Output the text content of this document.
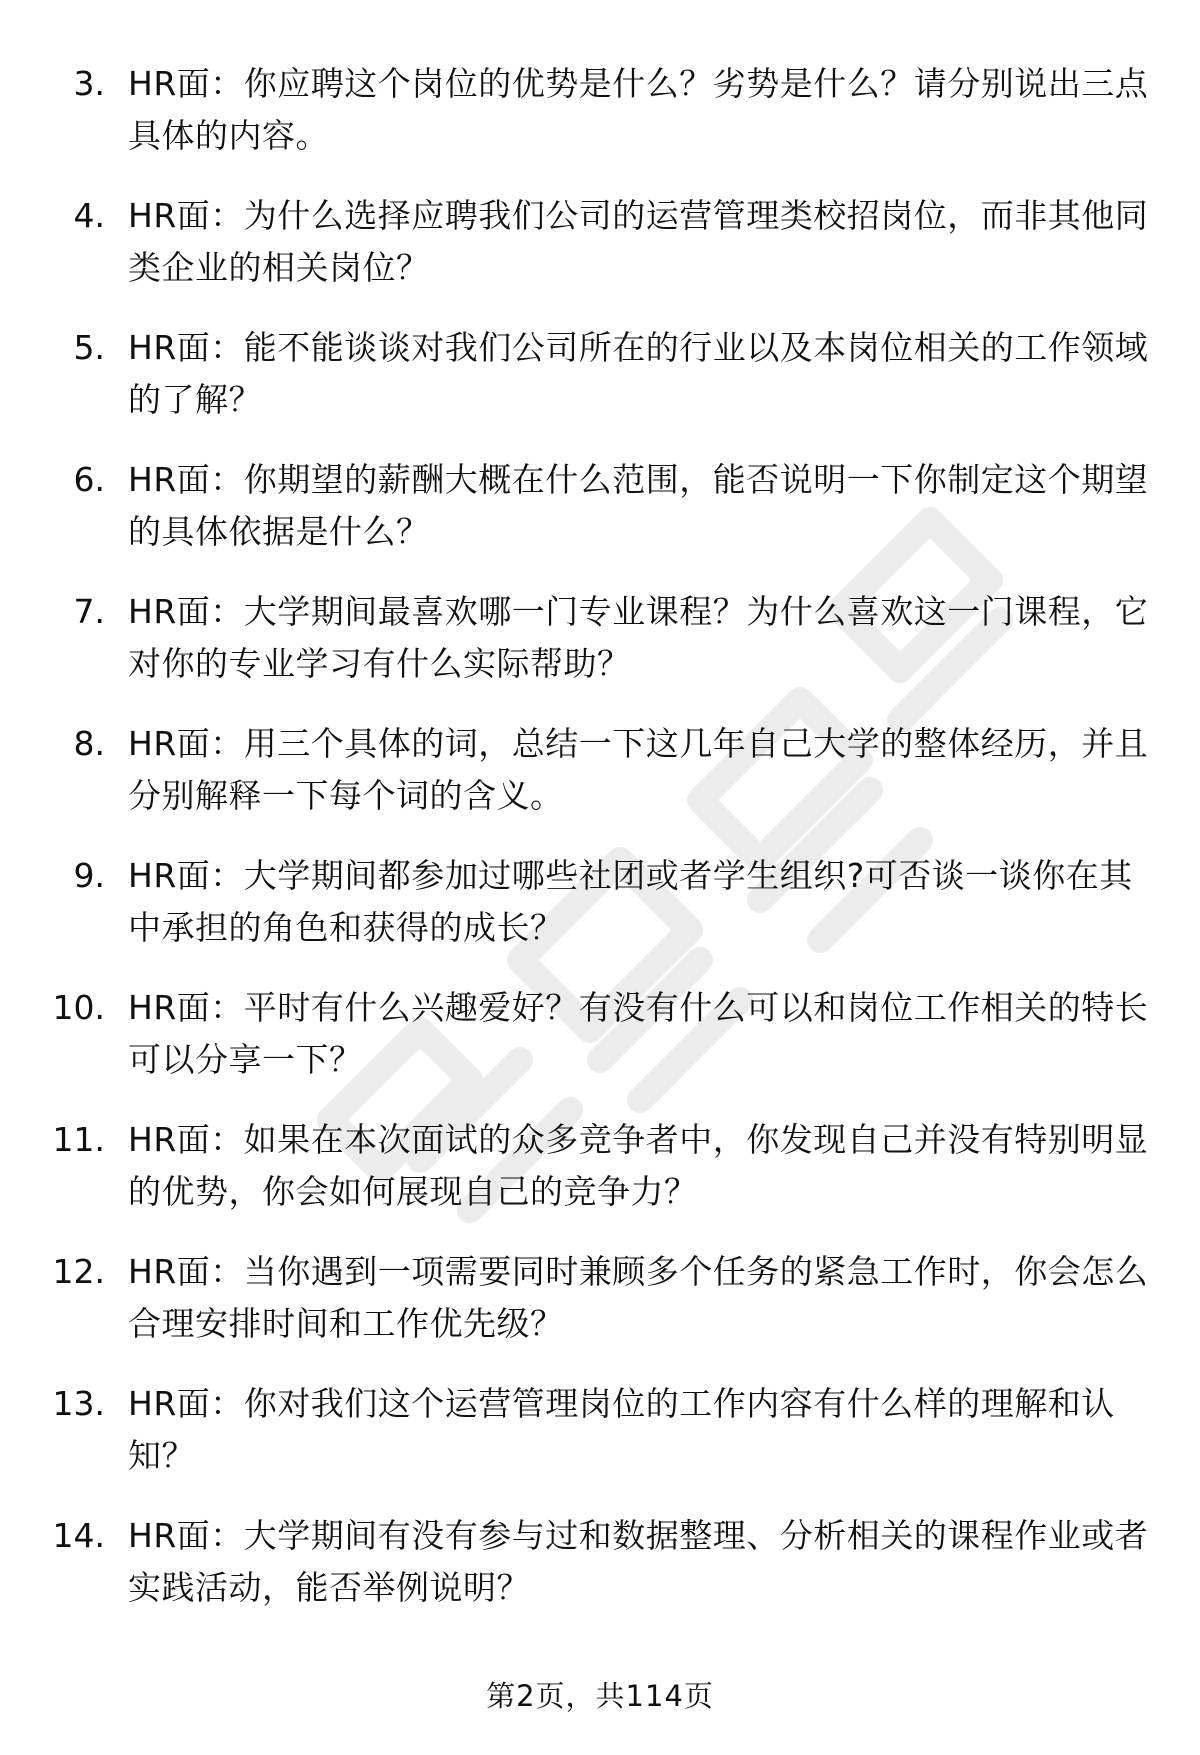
3. HR面：你应聘这个岗位的优势是什么？劣势是什么？请分别说出三点具体的内容。
4. HR面：为什么选择应聘我们公司的运营管理类校招岗位，而非其他同类企业的相关岗位？
5. HR面：能不能谈谈对我们公司所在的行业以及本岗位相关的工作领域的了解？
6. HR面：你期望的薪酬大概在什么范围，能否说明一下你制定这个期望的具体依据是什么？
7. HR面：大学期间最喜欢哪一门专业课程？为什么喜欢这一门课程，它对你的专业学习有什么实际帮助？
8. HR面：用三个具体的词，总结一下这几年自己大学的整体经历，并且分别解释一下每个词的含义。
9. HR面：大学期间都参加过哪些社团或者学生组织?可否谈一谈你在其中承担的角色和获得的成长？
10. HR面：平时有什么兴趣爱好？有没有什么可以和岗位工作相关的特长可以分享一下？
11. HR面：如果在本次面试的众多竞争者中，你发现自己并没有特别明显的优势，你会如何展现自己的竞争力？
12. HR面：当你遇到一项需要同时兼顾多个任务的紧急工作时，你会怎么合理安排时间和工作优先级？
13. HR面：你对我们这个运营管理岗位的工作内容有什么样的理解和认知？
14. HR面：大学期间有没有参与过和数据整理、分析相关的课程作业或者实践活动，能否举例说明？
第2页，共114页
